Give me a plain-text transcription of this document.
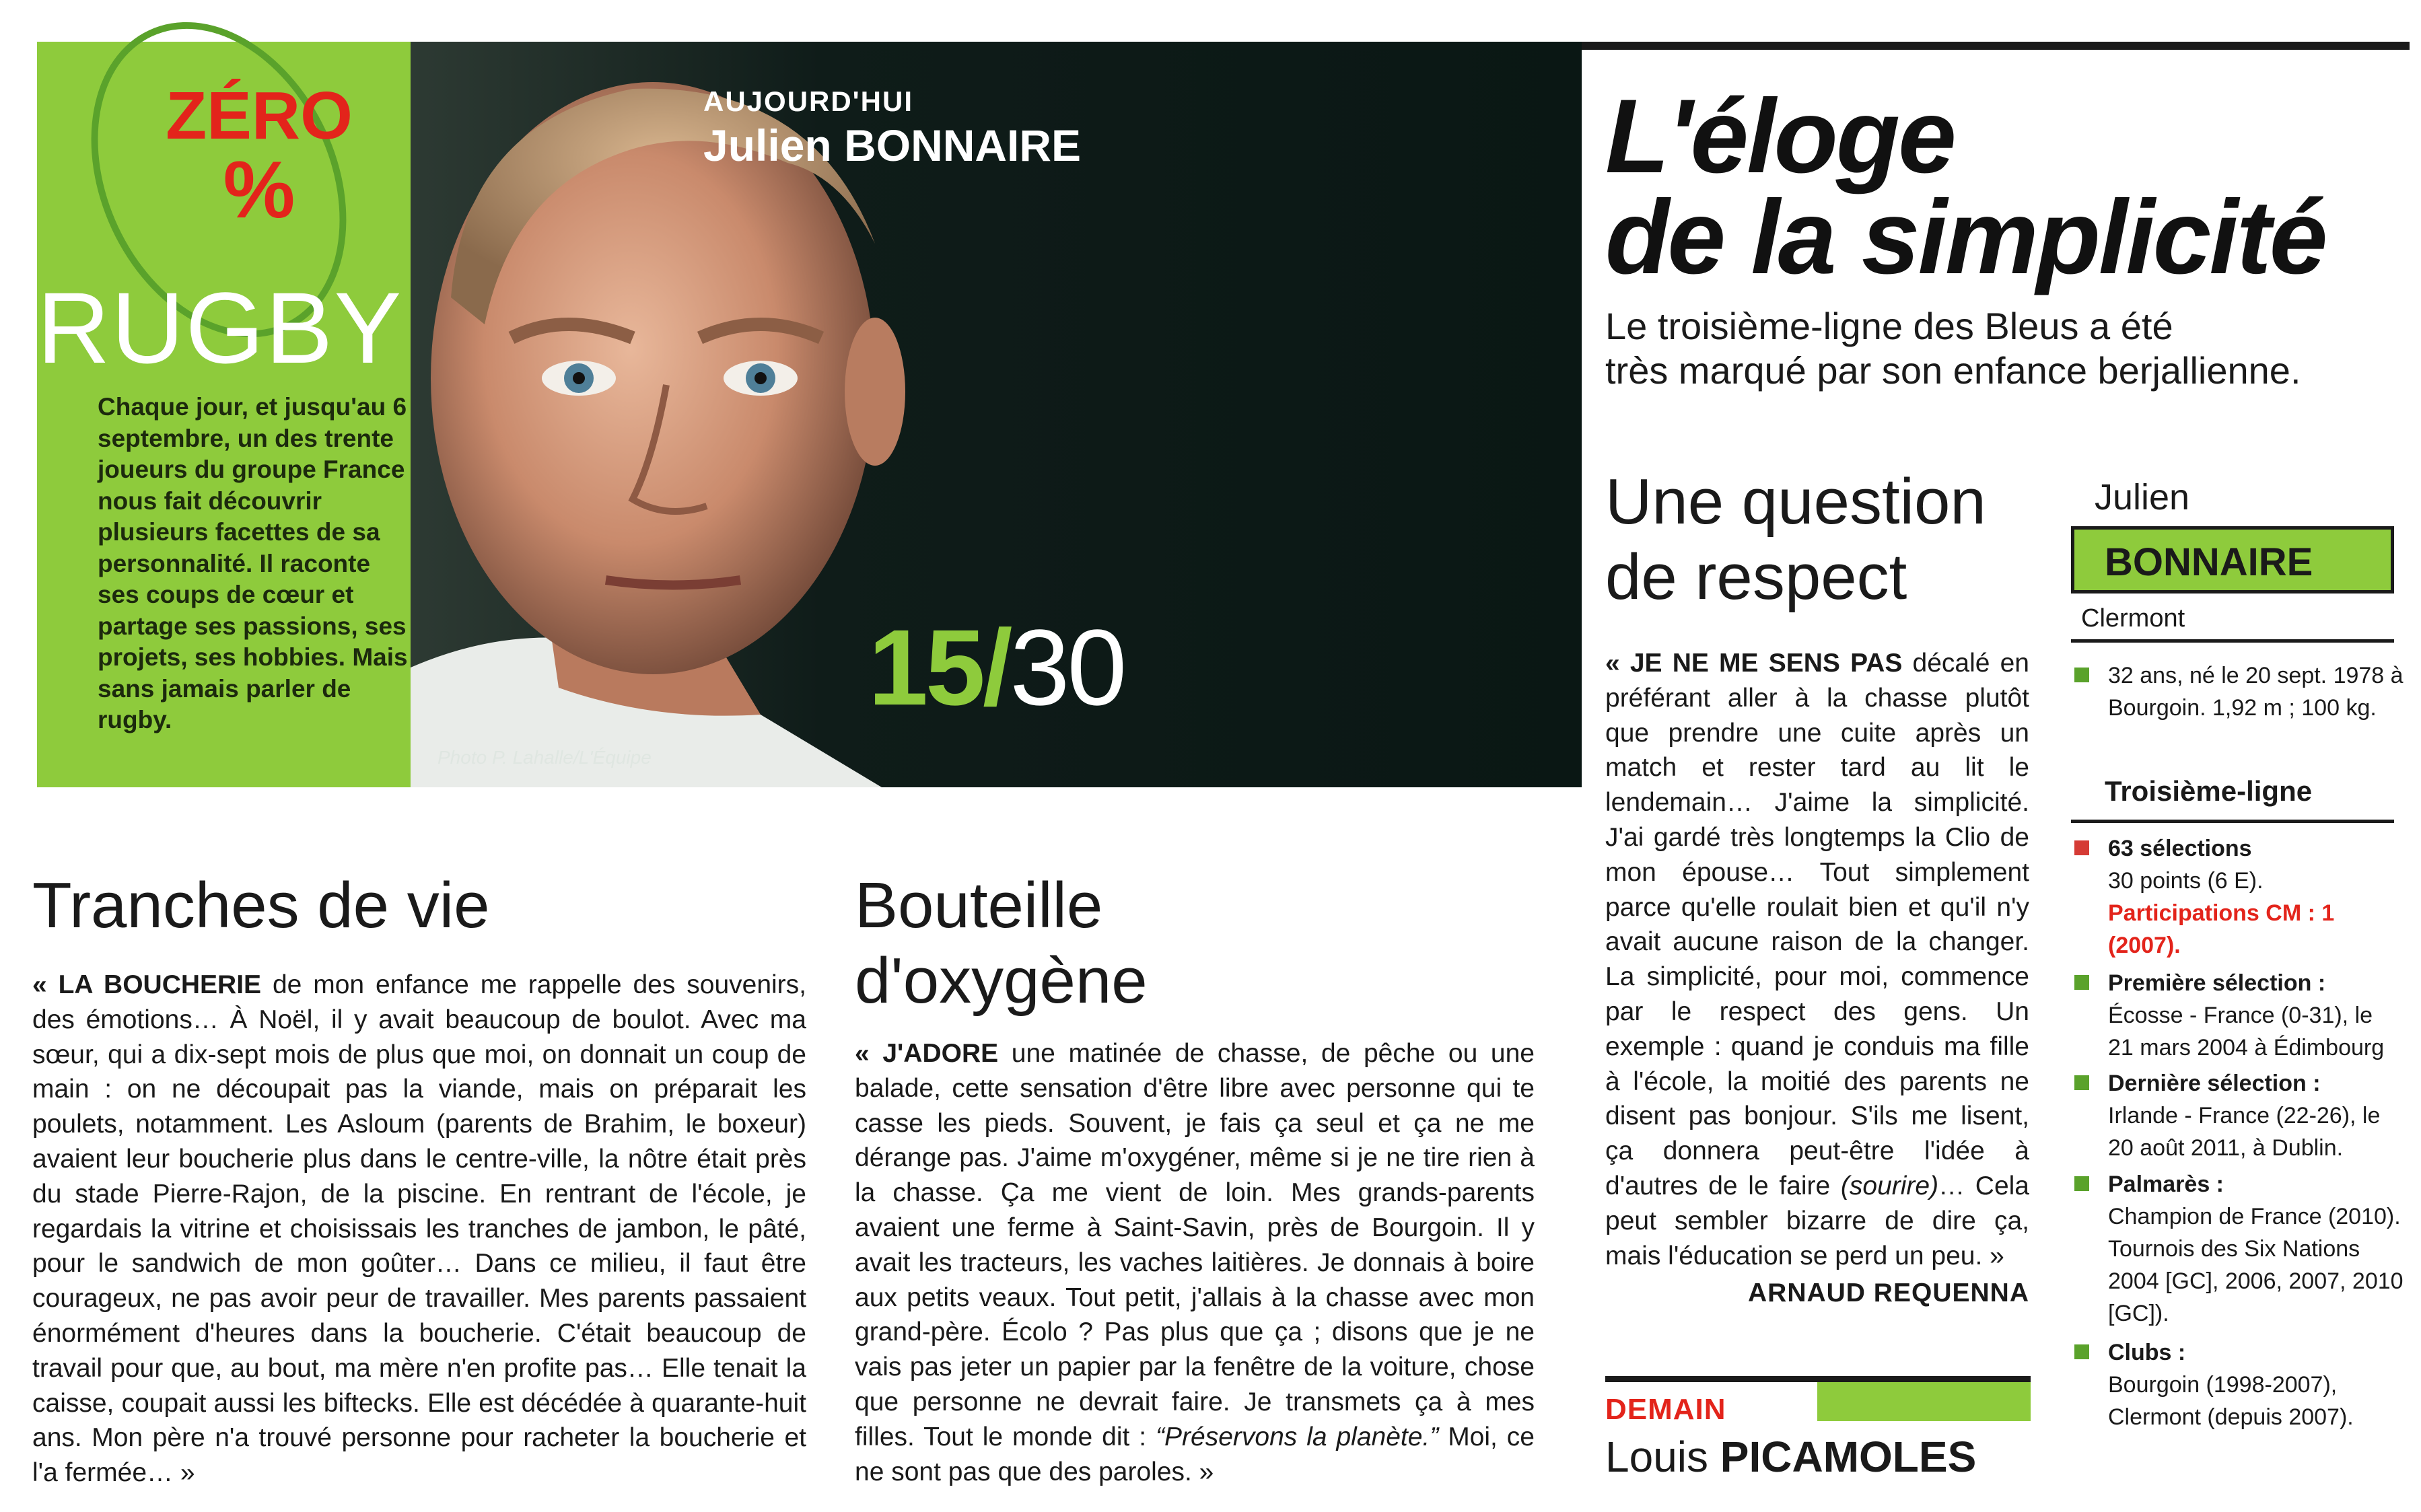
ZÉRO
%
RUGBY
Chaque jour, et jusqu'au 6 septembre, un des trente joueurs du groupe France nous fait découvrir plusieurs facettes de sa personnalité. Il raconte ses coups de cœur et partage ses passions, ses projets, ses hobbies. Mais sans jamais parler de rugby.
Photo P. Lahalle/L'Équipe
AUJOURD'HUI
Julien BONNAIRE
15/30
L'éloge
de la simplicité
Le troisième-ligne des Bleus a été
très marqué par son enfance berjallienne.
Tranches de vie
« LA BOUCHERIE de mon enfance me rappelle des souvenirs, des émotions… À Noël, il y avait beaucoup de boulot. Avec ma sœur, qui a dix-sept mois de plus que moi, on donnait un coup de main : on ne découpait pas la viande, mais on préparait les poulets, notamment. Les Asloum (parents de Brahim, le boxeur) avaient leur boucherie plus dans le centre-ville, la nôtre était près du stade Pierre-Rajon, de la piscine. En rentrant de l'école, je regardais la vitrine et choisissais les tranches de jambon, le pâté, pour le sandwich de mon goûter… Dans ce milieu, il faut être courageux, ne pas avoir peur de travailler. Mes parents passaient énormément d'heures dans la boucherie. C'était beaucoup de travail pour que, au bout, ma mère n'en profite pas… Elle tenait la caisse, coupait aussi les biftecks. Elle est décédée à quarante-huit ans. Mon père n'a trouvé personne pour racheter la boucherie et l'a fermée… »
Bouteille
d'oxygène
« J'ADORE une matinée de chasse, de pêche ou une balade, cette sensation d'être libre avec personne qui te casse les pieds. Souvent, je fais ça seul et ça ne me dérange pas. J'aime m'oxygéner, même si je ne tire rien à la chasse. Ça me vient de loin. Mes grands-parents avaient une ferme à Saint-Savin, près de Bourgoin. Il y avait les tracteurs, les vaches laitières. Je donnais à boire aux petits veaux. Tout petit, j'allais à la chasse avec mon grand-père. Écolo ? Pas plus que ça ; disons que je ne vais pas jeter un papier par la fenêtre de la voiture, chose que personne ne devrait faire. Je transmets ça à mes filles. Tout le monde dit : “Préservons la planète.” Moi, ce ne sont pas que des paroles. »
Une question
de respect
« JE NE ME SENS PAS décalé en préférant aller à la chasse plutôt que prendre une cuite après un match et rester tard au lit le lendemain… J'aime la simplicité. J'ai gardé très longtemps la Clio de mon épouse… Tout simplement parce qu'elle roulait bien et qu'il n'y avait aucune raison de la changer. La simplicité, pour moi, commence par le respect des gens. Un exemple : quand je conduis ma fille à l'école, la moitié des parents ne disent pas bonjour. S'ils me lisent, ça donnera peut-être l'idée à d'autres de le faire (sourire)… Cela peut sembler bizarre de dire ça, mais l'éducation se perd un peu. »
ARNAUD REQUENNA
DEMAIN
Louis PICAMOLES
Julien
BONNAIRE
Clermont
32 ans, né le 20 sept. 1978 à Bourgoin. 1,92 m ; 100 kg.
Troisième-ligne
63 sélections
30 points (6 E).
Participations CM : 1 (2007).
Première sélection :
Écosse - France (0-31), le 21 mars 2004 à Édimbourg
Dernière sélection :
Irlande - France (22-26), le 20 août 2011, à Dublin.
Palmarès :
Champion de France (2010). Tournois des Six Nations 2004 [GC], 2006, 2007, 2010 [GC]).
Clubs :
Bourgoin (1998-2007), Clermont (depuis 2007).
